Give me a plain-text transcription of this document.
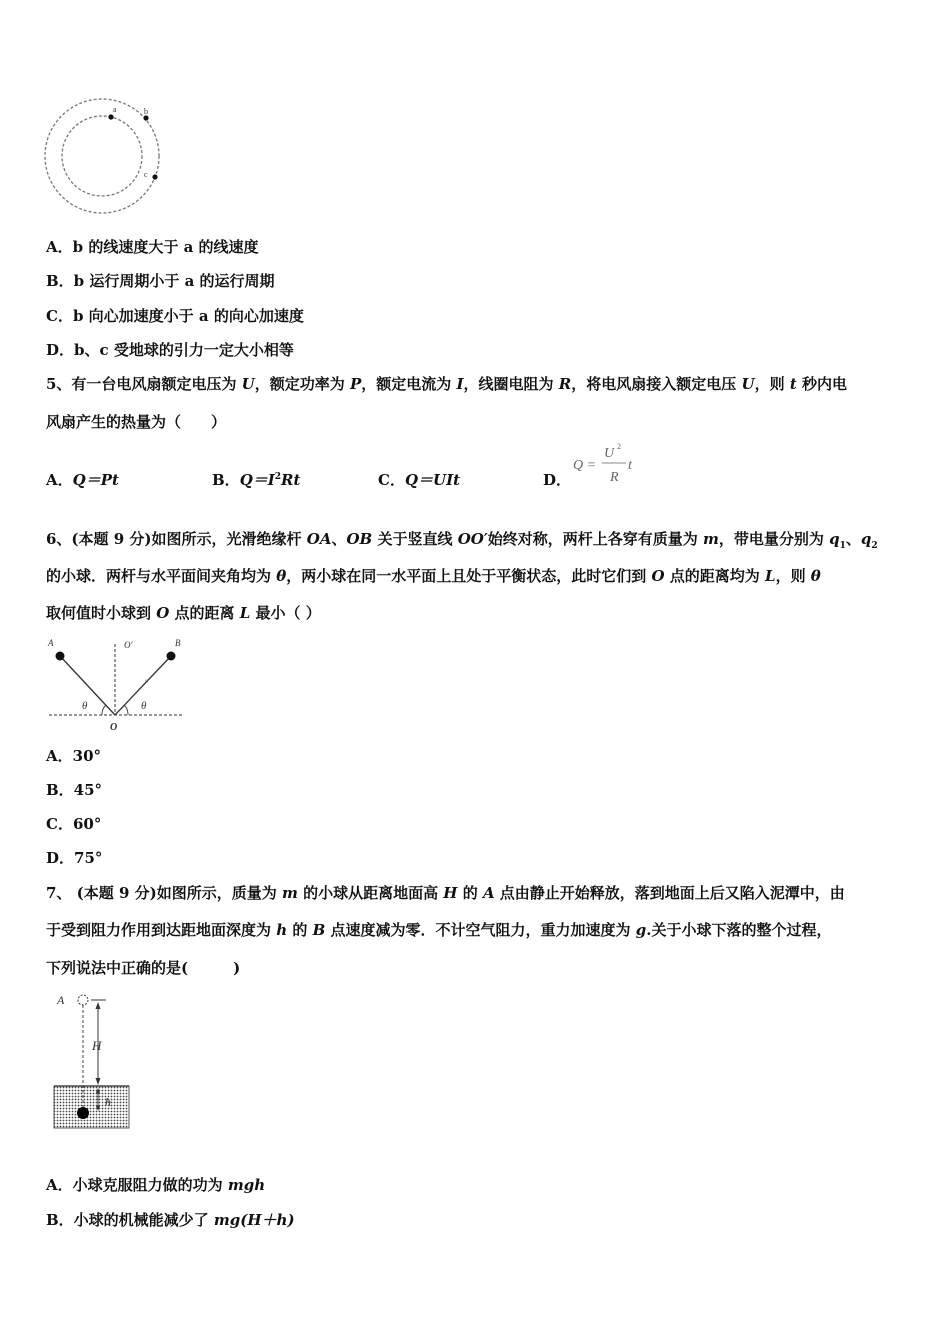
a	b
c
A．b 的线速度大于 a 的线速度
B．b 运行周期小于 a 的运行周期
C．b 向心加速度小于 a 的向心加速度
D．b、c 受地球的引力一定大小相等
5、有一台电风扇额定电压为 U，额定功率为 P，额定电流为 I，线圈电阻为 R，将电风扇接入额定电压 U，则 t 秒内电
风扇产生的热量为（　　）
A．Q＝Pt	B．$Q=I^2Rt$	C．Q＝UIt	D．
Q =
U 2
R
t
6、(本题 9 分)如图所示，光滑绝缘杆 OA、OB 关于竖直线 OO′始终对称，两杆上各穿有质量为 m，带电量分别为 $q_1$、$q_2$
的小球．两杆与水平面间夹角均为 θ，两小球在同一水平面上且处于平衡状态，此时它们到 O 点的距离均为 L，则 θ
取何值时小球到 O 点的距离 L 最小（ ）
A	O'	B
O
θ	θ
ω
A．30°
B．45°
C．60°
D．75°
7、 (本题 9 分)如图所示，质量为 m 的小球从距离地面高 H 的 A 点由静止开始释放，落到地面上后又陷入泥潭中，由
于受到阻力作用到达距地面深度为 h 的 B 点速度减为零．不计空气阻力，重力加速度为 g.关于小球下落的整个过程，
下列说法中正确的是(　　　)
A
H
h
A．小球克服阻力做的功为 mgh
B．小球的机械能减少了 mg(H＋h)
